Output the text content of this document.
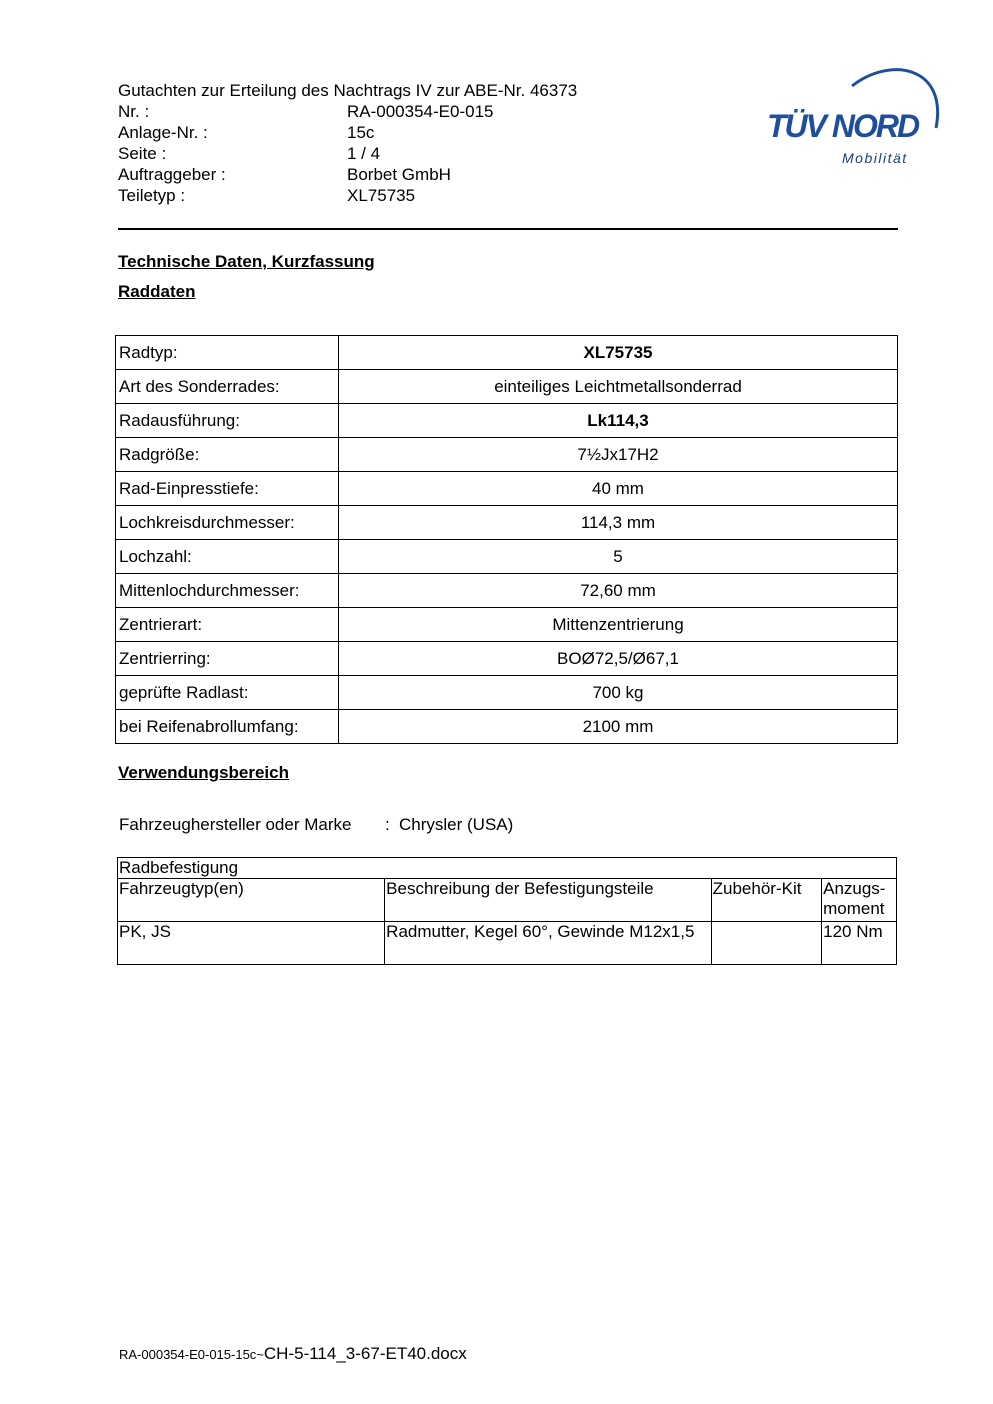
Gutachten zur Erteilung des Nachtrags IV zur ABE-Nr. 46373
Nr. :	RA-000354-E0-015
Anlage-Nr. :	15c
Seite :	1 / 4
Auftraggeber :	Borbet GmbH
Teiletyp :	XL75735
TÜV NORD
Mobilität
Technische Daten, Kurzfassung
Raddaten
Radtyp:	XL75735
Art des Sonderrades:	einteiliges Leichtmetallsonderrad
Radausführung:	Lk114,3
Radgröße:	7½Jx17H2
Rad-Einpresstiefe:	40 mm
Lochkreisdurchmesser:	114,3 mm
Lochzahl:	5
Mittenlochdurchmesser:	72,60 mm
Zentrierart:	Mittenzentrierung
Zentrierring:	BOØ72,5/Ø67,1
geprüfte Radlast:	700 kg
bei Reifenabrollumfang:	2100 mm
Verwendungsbereich
Fahrzeughersteller oder Marke	: Chrysler (USA)
Radbefestigung			
Fahrzeugtyp(en)	Beschreibung der Befestigungsteile	Zubehör-Kit	Anzugs-moment
PK, JS	Radmutter, Kegel 60°, Gewinde M12x1,5		120 Nm
RA-000354-E0-015-15c~CH-5-114_3-67-ET40.docx
